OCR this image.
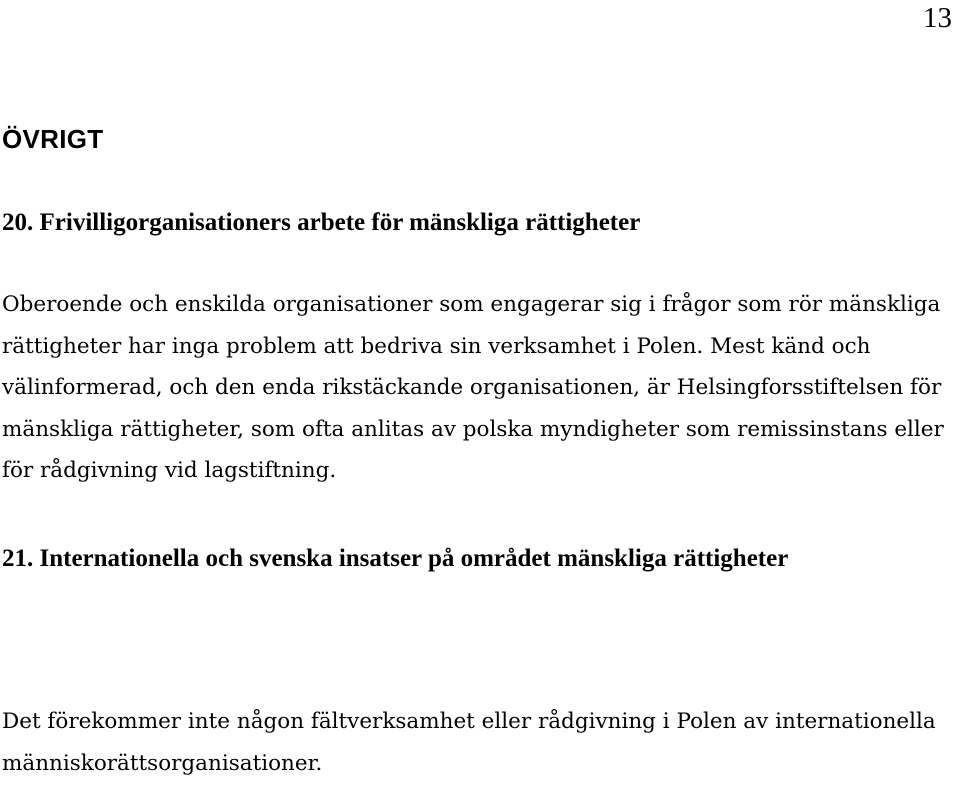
13
ÖVRIGT
20. Frivilligorganisationers arbete för mänskliga rättigheter

Oberoende och enskilda organisationer som engagerar sig i frågor som rör mänskliga rättigheter har inga problem att bedriva sin verksamhet i Polen. Mest känd och välinformerad, och den enda rikstäckande organisationen, är Helsingforsstiftelsen för mänskliga rättigheter, som ofta anlitas av polska myndigheter som remissinstans eller för rådgivning vid lagstiftning.

21. Internationella och svenska insatser på området mänskliga rättigheter

Det förekommer inte någon fältverksamhet eller rådgivning i Polen av internationella människorättsorganisationer.
